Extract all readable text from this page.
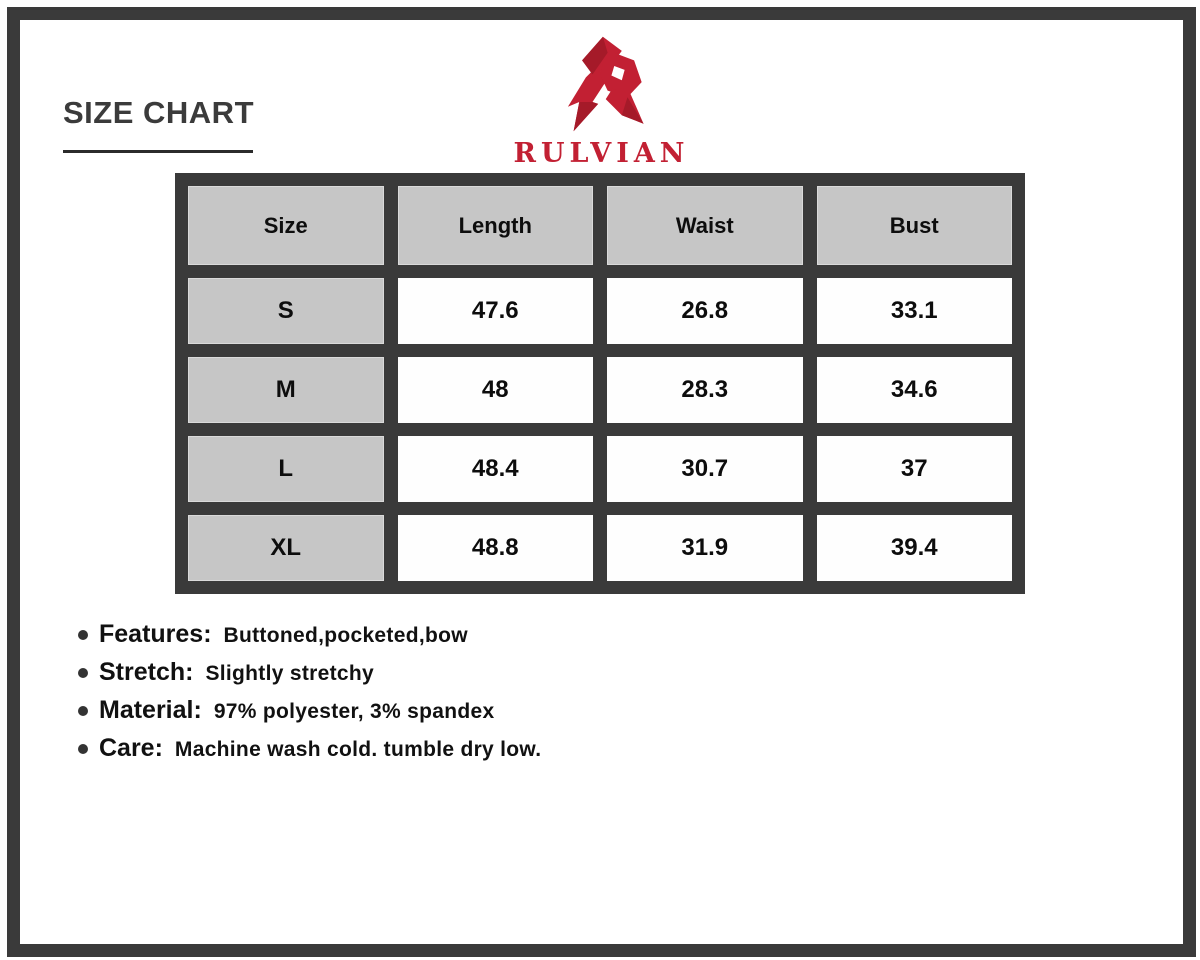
SIZE CHART
RULVIAN
Size	Length	Waist	Bust
S	47.6	26.8	33.1
M	48	28.3	34.6
L	48.4	30.7	37
XL	48.8	31.9	39.4
Features: Buttoned,pocketed,bow
Stretch: Slightly stretchy
Material: 97% polyester, 3% spandex
Care: Machine wash cold. tumble dry low.
